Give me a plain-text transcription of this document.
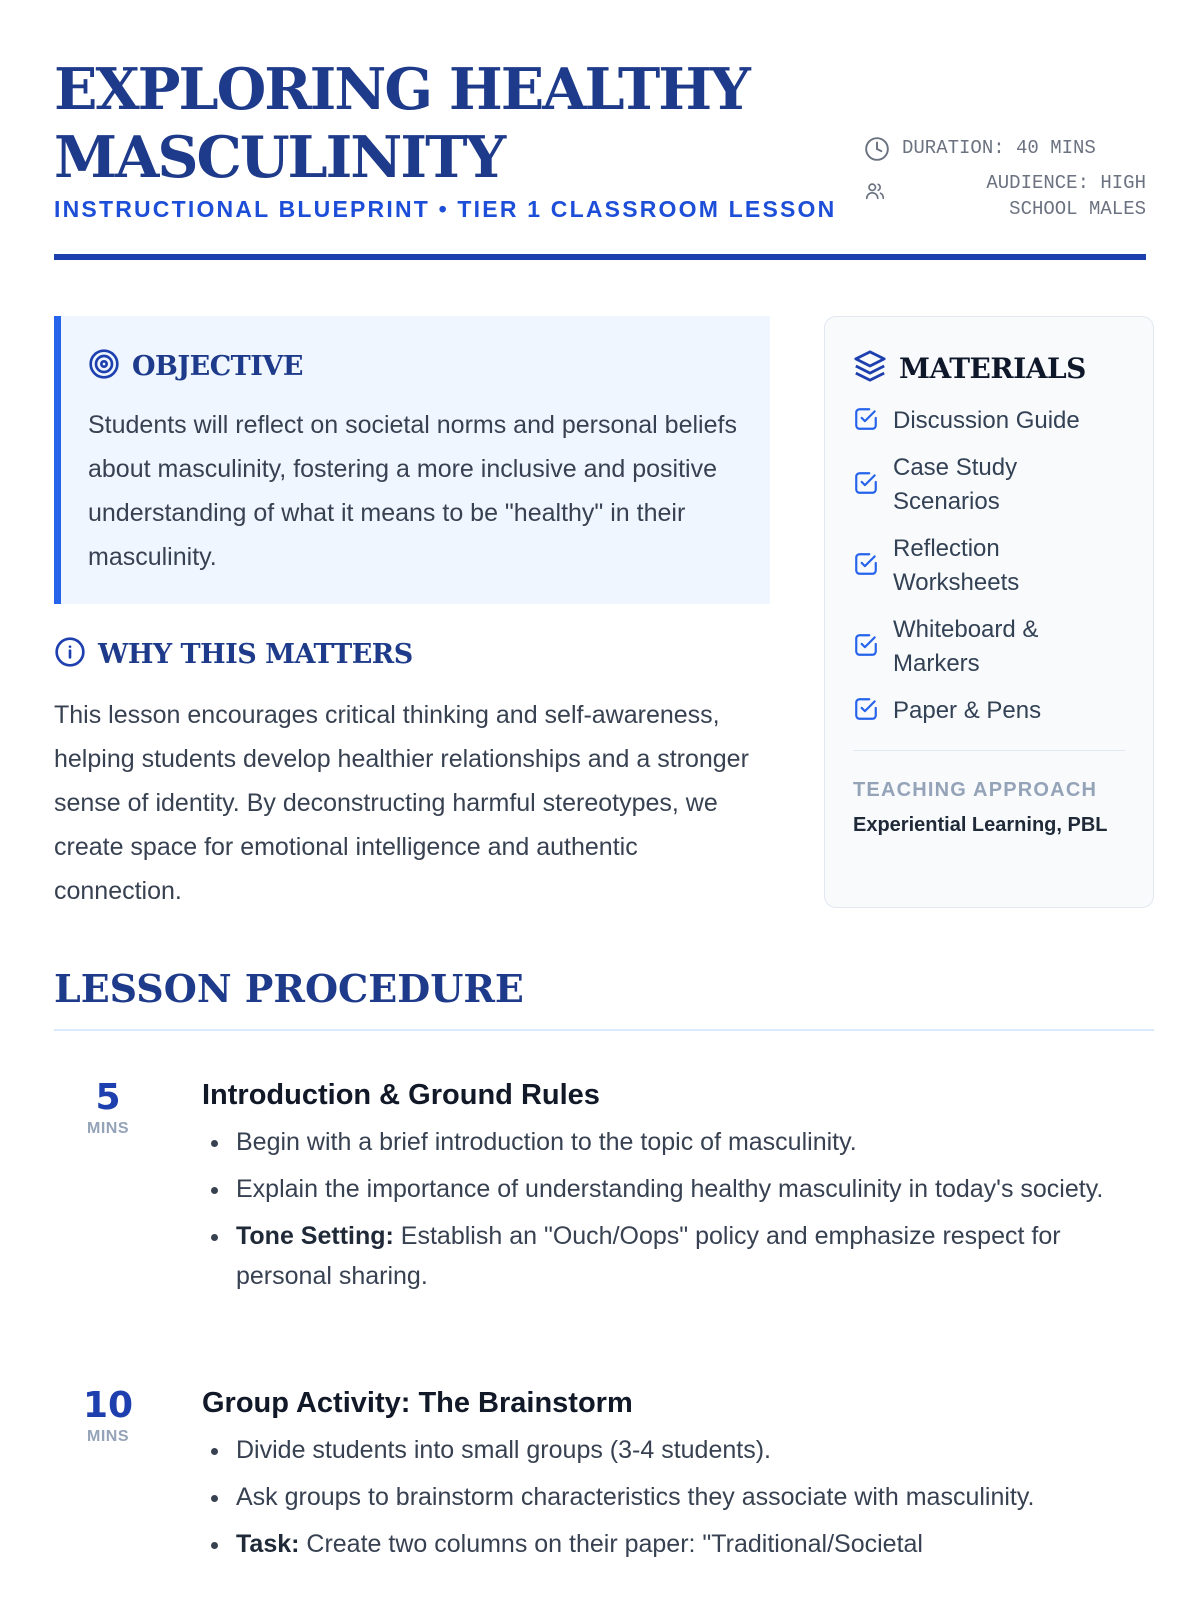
EXPLORING HEALTHY
MASCULINITY
INSTRUCTIONAL BLUEPRINT • TIER 1 CLASSROOM LESSON
DURATION: 40 MINS
AUDIENCE: HIGH
SCHOOL MALES
OBJECTIVE

Students will reflect on societal norms and personal beliefs about masculinity, fostering a more inclusive and positive understanding of what it means to be "healthy" in their masculinity.

WHY THIS MATTERS

This lesson encourages critical thinking and self-awareness, helping students develop healthier relationships and a stronger sense of identity. By deconstructing harmful stereotypes, we create space for emotional intelligence and authentic connection.

MATERIALS
Discussion Guide
Case Study Scenarios
Reflection Worksheets
Whiteboard & Markers
Paper & Pens
TEACHING APPROACH
Experiential Learning, PBL
LESSON PROCEDURE
5
MINS
Introduction & Ground Rules
Begin with a brief introduction to the topic of masculinity.
Explain the importance of understanding healthy masculinity in today's society.
Tone Setting: Establish an "Ouch/Oops" policy and emphasize respect for personal sharing.
10
MINS
Group Activity: The Brainstorm
Divide students into small groups (3-4 students).
Ask groups to brainstorm characteristics they associate with masculinity.
Task: Create two columns on their paper: "Traditional/Societal
